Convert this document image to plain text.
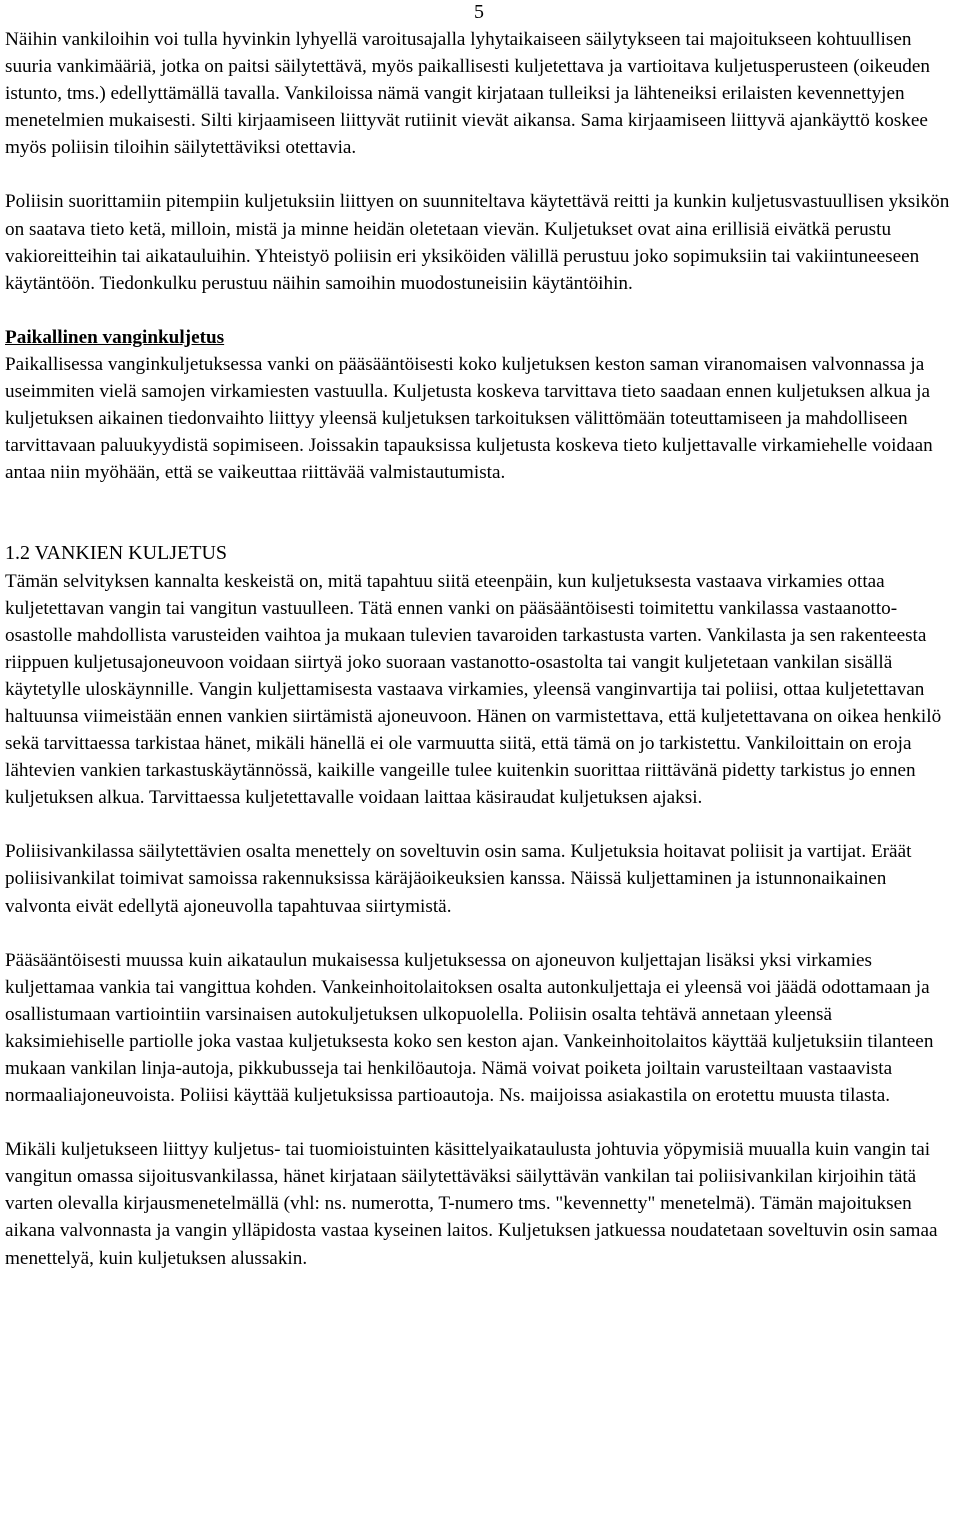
5

Näihin vankiloihin voi tulla hyvinkin lyhyellä varoitusajalla lyhytaikaiseen säilytykseen tai majoitukseen kohtuullisen suuria vankimääriä, jotka on paitsi säilytettävä, myös paikallisesti kuljetettava ja vartioitava kuljetusperusteen (oikeuden istunto, tms.) edellyttämällä tavalla. Vankiloissa nämä vangit kirjataan tulleiksi ja lähteneiksi erilaisten kevennettyjen menetelmien mukaisesti. Silti kirjaamiseen liittyvät rutiinit vievät aikansa. Sama kirjaamiseen liittyvä ajankäyttö koskee myös poliisin tiloihin säilytettäviksi otettavia.

Poliisin suorittamiin pitempiin kuljetuksiin liittyen on suunniteltava käytettävä reitti ja kunkin kuljetusvastuullisen yksikön on saatava tieto ketä, milloin, mistä ja minne heidän oletetaan vievän. Kuljetukset ovat aina erillisiä eivätkä perustu vakioreitteihin tai aikatauluihin. Yhteistyö poliisin eri yksiköiden välillä perustuu joko sopimuksiin tai vakiintuneeseen käytäntöön. Tiedonkulku perustuu näihin samoihin muodostuneisiin käytäntöihin.

Paikallinen vanginkuljetus

Paikallisessa vanginkuljetuksessa vanki on pääsääntöisesti koko kuljetuksen keston saman viranomaisen valvonnassa ja useimmiten vielä samojen virkamiesten vastuulla. Kuljetusta koskeva tarvittava tieto saadaan ennen kuljetuksen alkua ja kuljetuksen aikainen tiedonvaihto liittyy yleensä kuljetuksen tarkoituksen välittömään toteuttamiseen ja mahdolliseen tarvittavaan paluukyydistä sopimiseen. Joissakin tapauksissa kuljetusta koskeva tieto kuljettavalle virkamiehelle voidaan antaa niin myöhään, että se vaikeuttaa riittävää valmistautumista.

1.2 VANKIEN KULJETUS

Tämän selvityksen kannalta keskeistä on, mitä tapahtuu siitä eteenpäin, kun kuljetuksesta vastaava virkamies ottaa kuljetettavan vangin tai vangitun vastuulleen. Tätä ennen vanki on pääsääntöisesti toimitettu vankilassa vastaanotto-osastolle mahdollista varusteiden vaihtoa ja mukaan tulevien tavaroiden tarkastusta varten. Vankilasta ja sen rakenteesta riippuen kuljetusajoneuvoon voidaan siirtyä joko suoraan vastanotto-osastolta tai vangit kuljetetaan vankilan sisällä käytetylle uloskäynnille. Vangin kuljettamisesta vastaava virkamies, yleensä vanginvartija tai poliisi, ottaa kuljetettavan haltuunsa viimeistään ennen vankien siirtämistä ajoneuvoon. Hänen on varmistettava, että kuljetettavana on oikea henkilö sekä tarvittaessa tarkistaa hänet, mikäli hänellä ei ole varmuutta siitä, että tämä on jo tarkistettu. Vankiloittain on eroja lähtevien vankien tarkastuskäytännössä, kaikille vangeille tulee kuitenkin suorittaa riittävänä pidetty tarkistus jo ennen kuljetuksen alkua. Tarvittaessa kuljetettavalle voidaan laittaa käsiraudat kuljetuksen ajaksi.

Poliisivankilassa säilytettävien osalta menettely on soveltuvin osin sama. Kuljetuksia hoitavat poliisit ja vartijat. Eräät poliisivankilat toimivat samoissa rakennuksissa käräjäoikeuksien kanssa. Näissä kuljettaminen ja istunnonaikainen valvonta eivät edellytä ajoneuvolla tapahtuvaa siirtymistä.

Pääsääntöisesti muussa kuin aikataulun mukaisessa kuljetuksessa on ajoneuvon kuljettajan lisäksi yksi virkamies kuljettamaa vankia tai vangittua kohden. Vankeinhoitolaitoksen osalta autonkuljettaja ei yleensä voi jäädä odottamaan ja osallistumaan vartiointiin varsinaisen autokuljetuksen ulkopuolella. Poliisin osalta tehtävä annetaan yleensä kaksimiehiselle partiolle joka vastaa kuljetuksesta koko sen keston ajan. Vankeinhoitolaitos käyttää kuljetuksiin tilanteen mukaan vankilan linja-autoja, pikkubusseja tai henkilöautoja. Nämä voivat poiketa joiltain varusteiltaan vastaavista normaaliajoneuvoista. Poliisi käyttää kuljetuksissa partioautoja. Ns. maijoissa asiakastila on erotettu muusta tilasta.

Mikäli kuljetukseen liittyy kuljetus- tai tuomioistuinten käsittelyaikataulusta johtuvia yöpymisiä muualla kuin vangin tai vangitun omassa sijoitusvankilassa, hänet kirjataan säilytettäväksi säilyttävän vankilan tai poliisivankilan kirjoihin tätä varten olevalla kirjausmenetelmällä (vhl: ns. numerotta, T-numero tms. "kevennetty" menetelmä). Tämän majoituksen aikana valvonnasta ja vangin ylläpidosta vastaa kyseinen laitos. Kuljetuksen jatkuessa noudatetaan soveltuvin osin samaa menettelyä, kuin kuljetuksen alussakin.
